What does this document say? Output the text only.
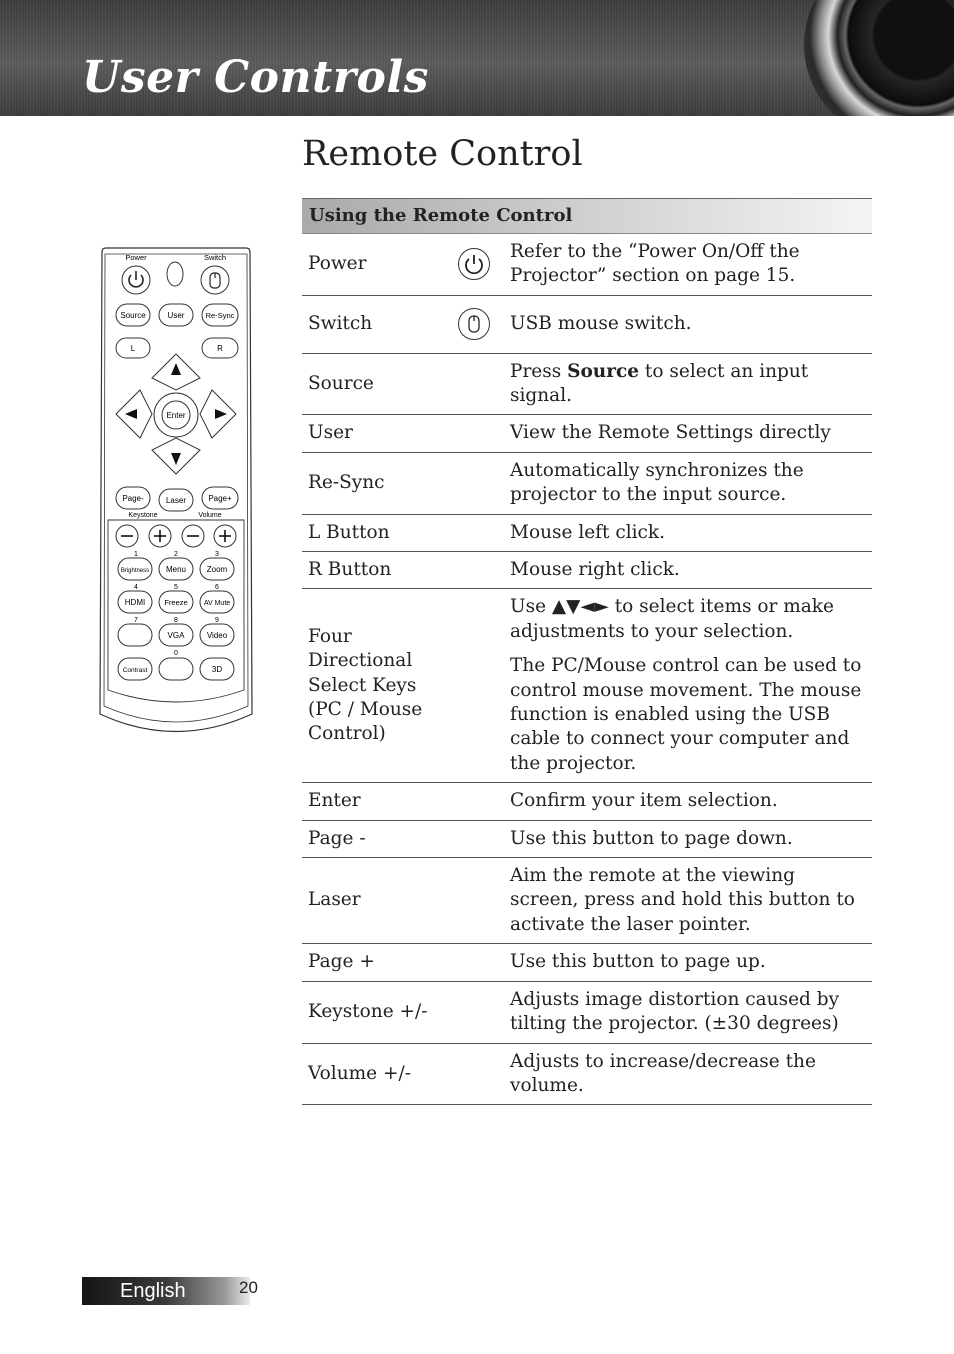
User Controls
Remote Control
Power	Switch
Source	User	Re-Sync
L	R
Enter
Page-	Laser	Page+
Keystone	Volume
1	2	3
Brightness Menu	Zoom
4	5	6
HDMI	Freeze AV Mute
7	8	9
VGA	Video
0
Contrast	3D
Using the Remote Control		
Power		Refer to the “Power On/Off the Projector” section on page 15.

Switch		USB mouse switch.

Source		Press Source to select an input signal.

User		View the Remote Settings directly

Re-Sync		Automatically synchronizes the projector to the input source.

L Button		Mouse left click.

R Button		Mouse right click.

Four Directional Select Keys (PC / Mouse Control)		Use ▲▼◄► to select items or make adjustments to your selection.

The PC/Mouse control can be used to control mouse movement. The mouse function is enabled using the USB cable to connect your computer and the projector.

Enter		Confirm your item selection.

Page -		Use this button to page down.

Laser		Aim the remote at the viewing screen, press and hold this button to activate the laser pointer.

Page +		Use this button to page up.

Keystone +/-		Adjusts image distortion caused by tilting the projector. (±30 degrees)

Volume +/-		Adjusts to increase/decrease the volume.

English	20
